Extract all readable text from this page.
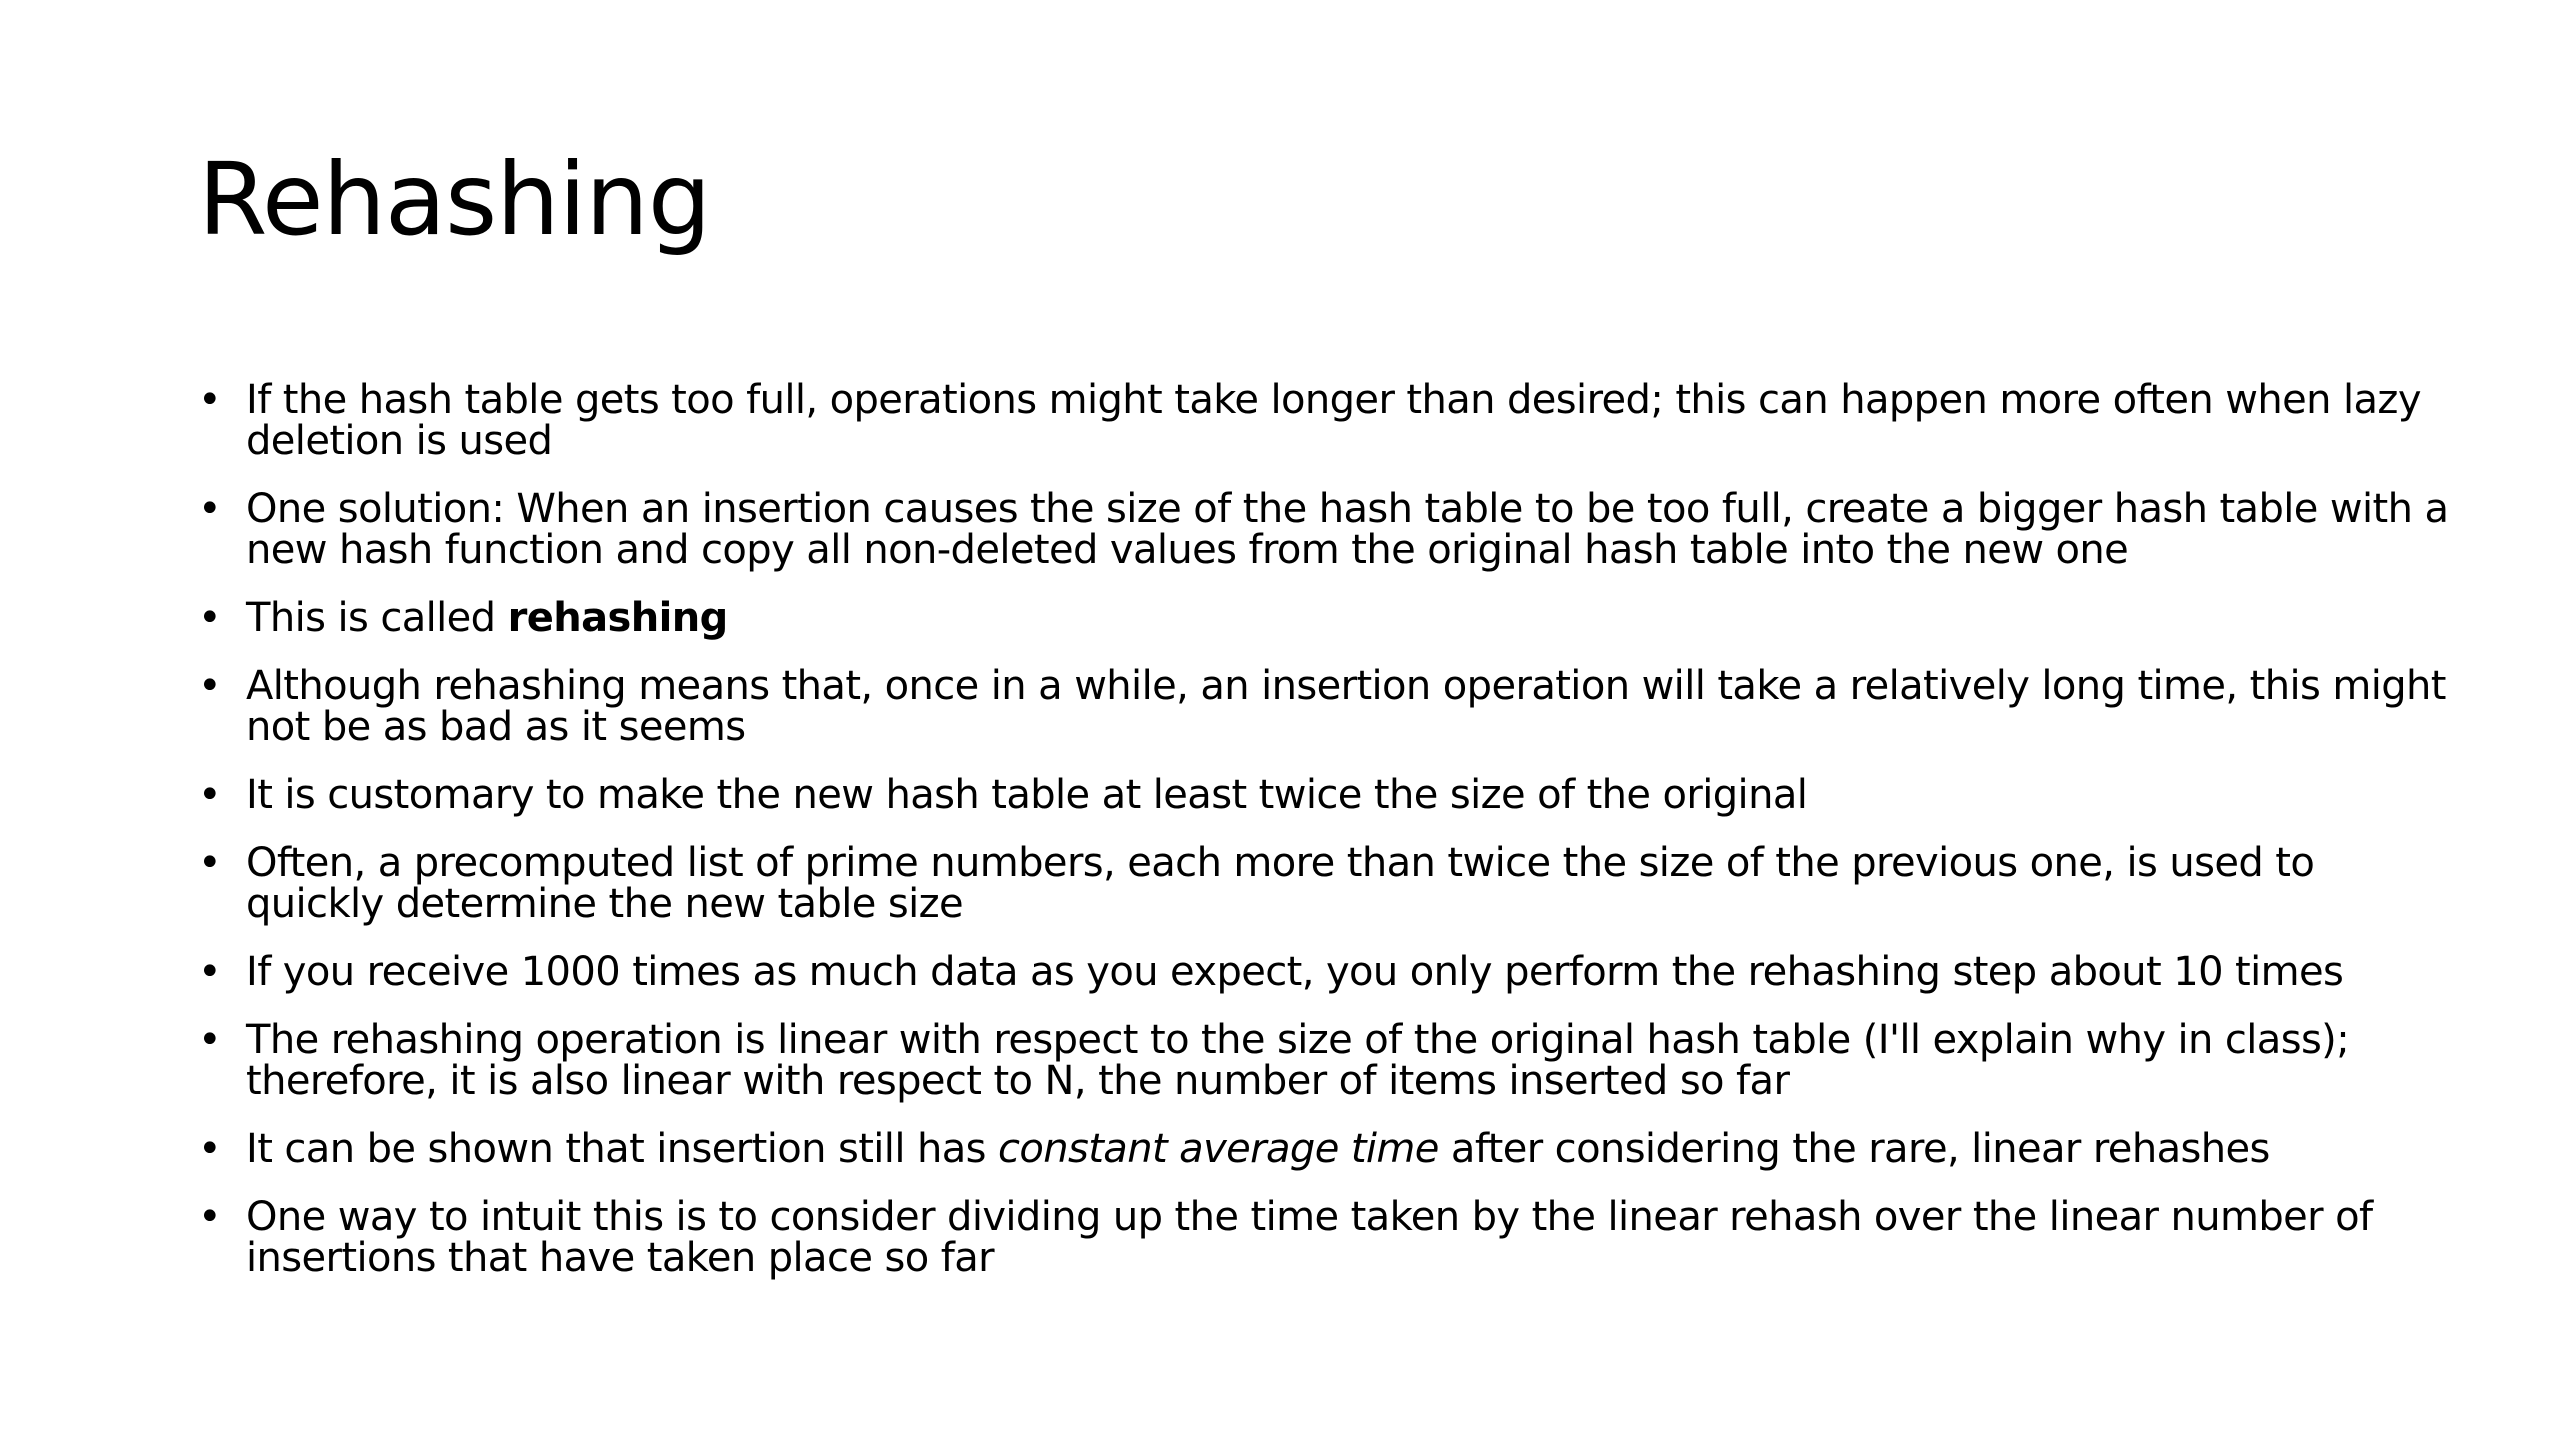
Rehashing
• If the hash table gets too full, operations might take longer than desired; this can happen more often when lazy deletion is used
• One solution: When an insertion causes the size of the hash table to be too full, create a bigger hash table with a new hash function and copy all non-deleted values from the original hash table into the new one
• This is called rehashing
• Although rehashing means that, once in a while, an insertion operation will take a relatively long time, this might not be as bad as it seems
• It is customary to make the new hash table at least twice the size of the original
• Often, a precomputed list of prime numbers, each more than twice the size of the previous one, is used to quickly determine the new table size
• If you receive 1000 times as much data as you expect, you only perform the rehashing step about 10 times
• The rehashing operation is linear with respect to the size of the original hash table (I'll explain why in class); therefore, it is also linear with respect to N, the number of items inserted so far
• It can be shown that insertion still has constant average time after considering the rare, linear rehashes
• One way to intuit this is to consider dividing up the time taken by the linear rehash over the linear number of insertions that have taken place so far
